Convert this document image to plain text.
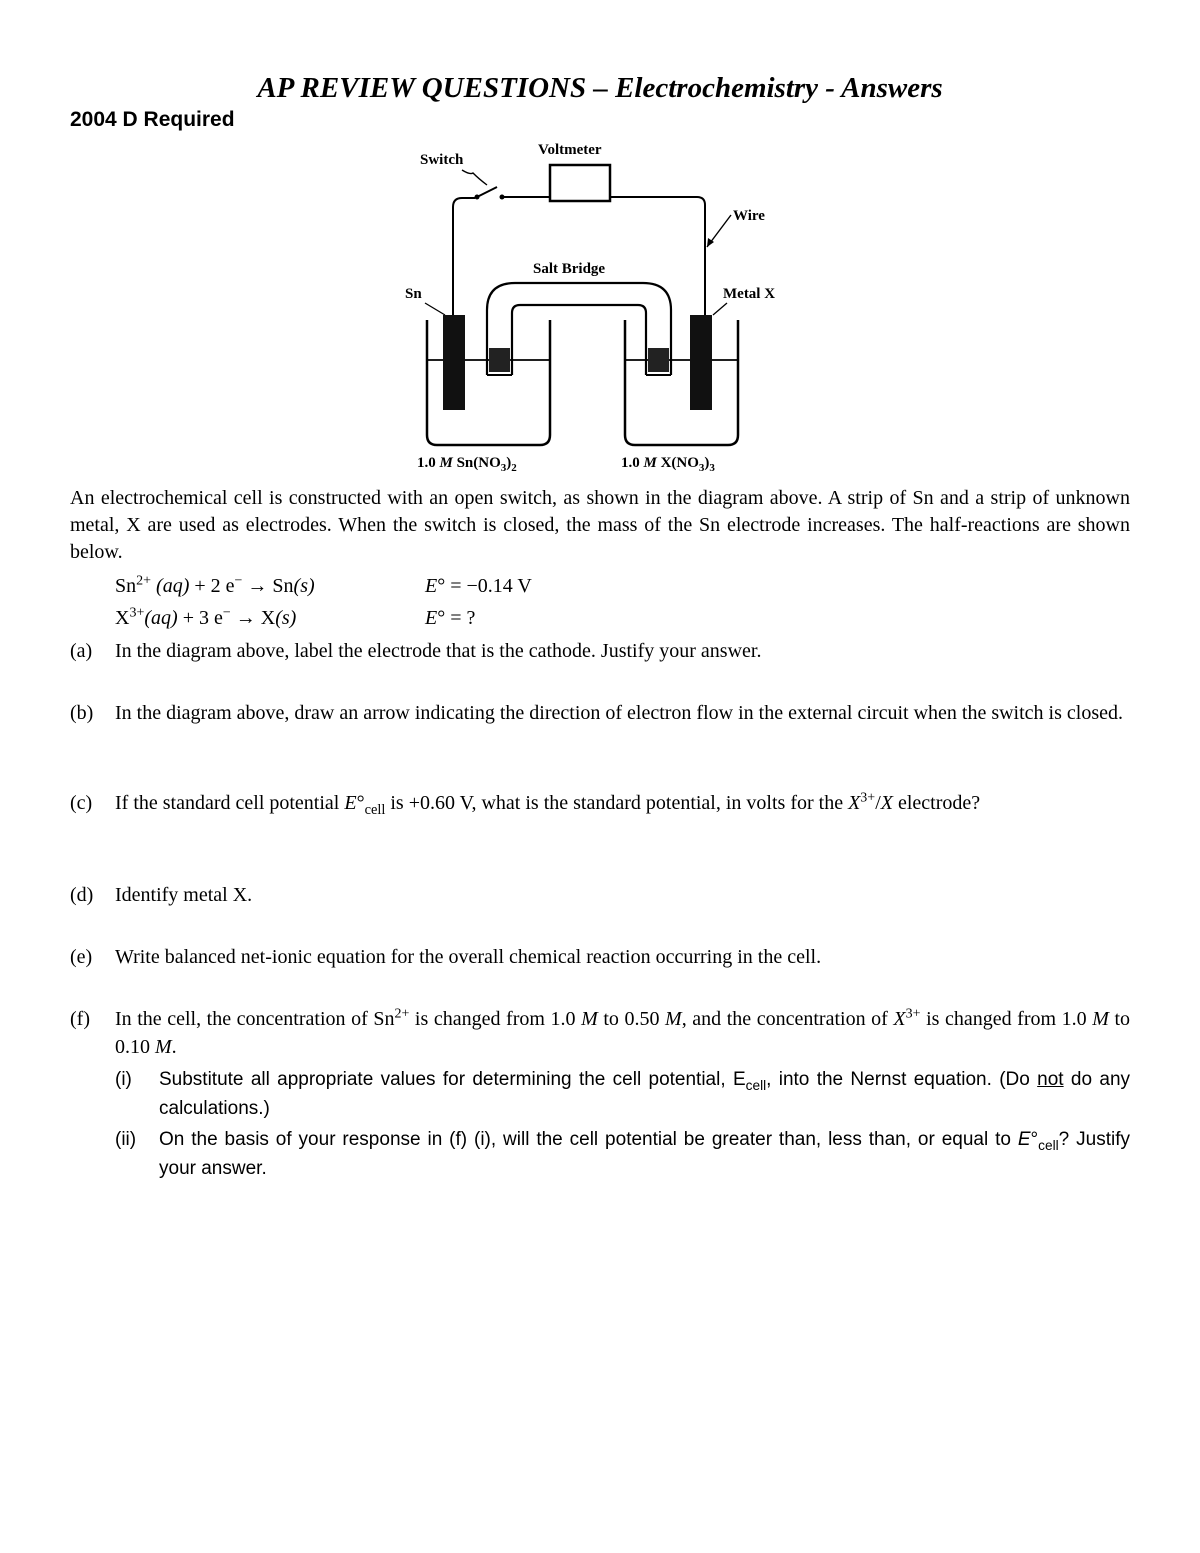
AP REVIEW QUESTIONS – Electrochemistry - Answers
2004 D Required
Switch
Voltmeter
Wire
Salt Bridge
Sn	Metal X
1.0 M $Sn(NO_3)_2$	1.0 M $X(NO_3)_3$
An electrochemical cell is constructed with an open switch, as shown in the diagram above. A strip of Sn and a strip of unknown metal, X are used as electrodes. When the switch is closed, the mass of the Sn electrode increases. The half-reactions are shown below.
$Sn^{2+}$ (aq) + 2 e− → Sn(s)	E° = −0.14 V
$X^{3+}(aq) + 3$ e− → X(s)	E° = ?
(a) In the diagram above, label the electrode that is the cathode. Justify your answer.
(b) In the diagram above, draw an arrow indicating the direction of electron flow in the external circuit when the switch is closed.
(c) If the standard cell potential $E^\circ_{cell}$ is +0.60 V, what is the standard potential, in volts for the $X^{3+}/X$ electrode?
(d) Identify metal X.
(e) Write balanced net-ionic equation for the overall chemical reaction occurring in the cell.
(f) In the cell, the concentration of $Sn^{2+}$ is changed from 1.0 M to 0.50 M, and the concentration of $X^{3+}$ is changed from 1.0 M to 0.10 M.
(i) Substitute all appropriate values for determining the cell potential, $E_{cell}$, into the Nernst equation. (Do not do any calculations.)
(ii) On the basis of your response in (f) (i), will the cell potential be greater than, less than, or equal to $E^\circ_{cell}$? Justify your answer.
